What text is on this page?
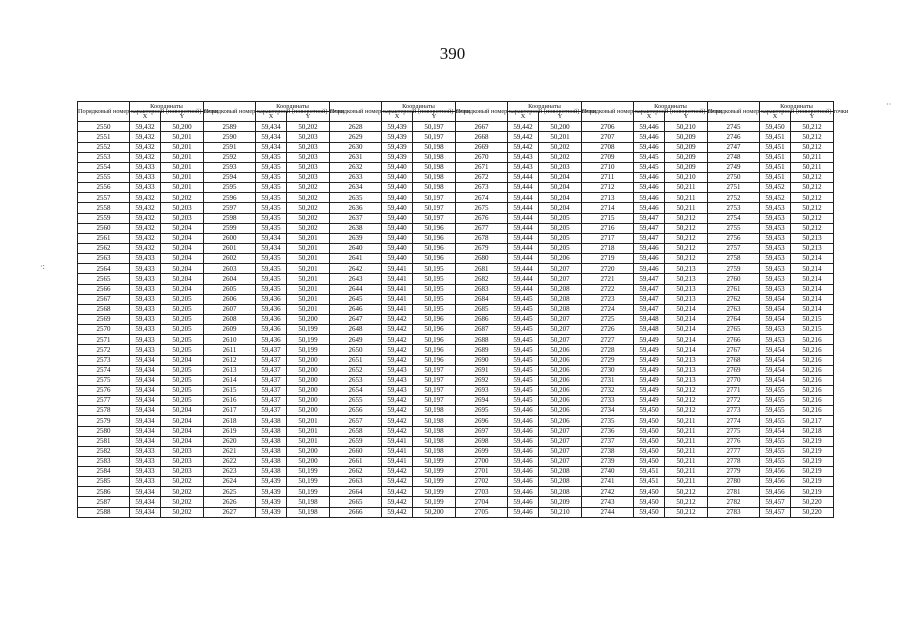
390
Порядковый номер характерной (поворотной) точки	Координаты		Порядковый номер характерной (поворотной) точки	Координаты		Порядковый номер характерной (поворотной) точки	Координаты		Порядковый номер характерной (поворотной) точки	Координаты		Порядковый номер характерной (поворотной) точки	Координаты		Порядковый номер характерной (поворотной) точки	Координаты	
	X	Y		X	Y		X	Y		X	Y		X	Y		X	Y
2550	59,432	50,200	2589	59,434	50,202	2628	59,439	50,197	2667	59,442	50,200	2706	59,446	50,210	2745	59,450	50,212
2551	59,432	50,201	2590	59,434	50,203	2629	59,439	50,197	2668	59,442	50,201	2707	59,446	50,209	2746	59,451	50,212
2552	59,432	50,201	2591	59,434	50,203	2630	59,439	50,198	2669	59,442	50,202	2708	59,446	50,209	2747	59,451	50,212
2553	59,432	50,201	2592	59,435	50,203	2631	59,439	50,198	2670	59,443	50,202	2709	59,445	50,209	2748	59,451	50,211
2554	59,433	50,201	2593	59,435	50,203	2632	59,440	50,198	2671	59,443	50,203	2710	59,445	50,209	2749	59,451	50,211
2555	59,433	50,201	2594	59,435	50,203	2633	59,440	50,198	2672	59,444	50,204	2711	59,446	50,210	2750	59,451	50,212
2556	59,433	50,201	2595	59,435	50,202	2634	59,440	50,198	2673	59,444	50,204	2712	59,446	50,211	2751	59,452	50,212
2557	59,432	50,202	2596	59,435	50,202	2635	59,440	50,197	2674	59,444	50,204	2713	59,446	50,211	2752	59,452	50,212
2558	59,432	50,203	2597	59,435	50,202	2636	59,440	50,197	2675	59,444	50,204	2714	59,446	50,211	2753	59,453	50,212
2559	59,432	50,203	2598	59,435	50,202	2637	59,440	50,197	2676	59,444	50,205	2715	59,447	50,212	2754	59,453	50,212
2560	59,432	50,204	2599	59,435	50,202	2638	59,440	50,196	2677	59,444	50,205	2716	59,447	50,212	2755	59,453	50,212
2561	59,432	50,204	2600	59,434	50,201	2639	59,440	50,196	2678	59,444	50,205	2717	59,447	50,212	2756	59,453	50,213
2562	59,432	50,204	2601	59,434	50,201	2640	59,440	50,196	2679	59,444	50,205	2718	59,446	50,212	2757	59,453	50,213
2563	59,433	50,204	2602	59,435	50,201	2641	59,440	50,196	2680	59,444	50,206	2719	59,446	50,212	2758	59,453	50,214
2564	59,433	50,204	2603	59,435	50,201	2642	59,441	50,195	2681	59,444	50,207	2720	59,446	50,213	2759	59,453	50,214
2565	59,433	50,204	2604	59,435	50,201	2643	59,441	50,195	2682	59,444	50,207	2721	59,447	50,213	2760	59,453	50,214
2566	59,433	50,204	2605	59,435	50,201	2644	59,441	50,195	2683	59,444	50,208	2722	59,447	50,213	2761	59,453	50,214
2567	59,433	50,205	2606	59,436	50,201	2645	59,441	50,195	2684	59,445	50,208	2723	59,447	50,213	2762	59,454	50,214
2568	59,433	50,205	2607	59,436	50,201	2646	59,441	50,195	2685	59,445	50,208	2724	59,447	50,214	2763	59,454	50,214
2569	59,433	50,205	2608	59,436	50,200	2647	59,442	50,196	2686	59,445	50,207	2725	59,448	50,214	2764	59,454	50,215
2570	59,433	50,205	2609	59,436	50,199	2648	59,442	50,196	2687	59,445	50,207	2726	59,448	50,214	2765	59,453	50,215
2571	59,433	50,205	2610	59,436	50,199	2649	59,442	50,196	2688	59,445	50,207	2727	59,449	50,214	2766	59,453	50,216
2572	59,433	50,205	2611	59,437	50,199	2650	59,442	50,196	2689	59,445	50,206	2728	59,449	50,214	2767	59,454	50,216
2573	59,434	50,204	2612	59,437	50,200	2651	59,442	50,196	2690	59,445	50,206	2729	59,449	50,213	2768	59,454	50,216
2574	59,434	50,205	2613	59,437	50,200	2652	59,443	50,197	2691	59,445	50,206	2730	59,449	50,213	2769	59,454	50,216
2575	59,434	50,205	2614	59,437	50,200	2653	59,443	50,197	2692	59,445	50,206	2731	59,449	50,213	2770	59,454	50,216
2576	59,434	50,205	2615	59,437	50,200	2654	59,443	50,197	2693	59,445	50,206	2732	59,449	50,212	2771	59,455	50,216
2577	59,434	50,205	2616	59,437	50,200	2655	59,442	50,197	2694	59,445	50,206	2733	59,449	50,212	2772	59,455	50,216
2578	59,434	50,204	2617	59,437	50,200	2656	59,442	50,198	2695	59,446	50,206	2734	59,450	50,212	2773	59,455	50,216
2579	59,434	50,204	2618	59,438	50,201	2657	59,442	50,198	2696	59,446	50,206	2735	59,450	50,211	2774	59,455	50,217
2580	59,434	50,204	2619	59,438	50,201	2658	59,442	50,198	2697	59,446	50,207	2736	59,450	50,211	2775	59,454	50,218
2581	59,434	50,204	2620	59,438	50,201	2659	59,441	50,198	2698	59,446	50,207	2737	59,450	50,211	2776	59,455	50,219
2582	59,433	50,203	2621	59,438	50,200	2660	59,441	50,198	2699	59,446	50,207	2738	59,450	50,211	2777	59,455	50,219
2583	59,433	50,203	2622	59,438	50,200	2661	59,441	50,199	2700	59,446	50,207	2739	59,450	50,211	2778	59,455	50,219
2584	59,433	50,203	2623	59,438	50,199	2662	59,442	50,199	2701	59,446	50,208	2740	59,451	50,211	2779	59,456	50,219
2585	59,433	50,202	2624	59,439	50,199	2663	59,442	50,199	2702	59,446	50,208	2741	59,451	50,211	2780	59,456	50,219
2586	59,434	50,202	2625	59,439	50,199	2664	59,442	50,199	2703	59,446	50,208	2742	59,450	50,212	2781	59,456	50,219
2587	59,434	50,202	2626	59,439	50,198	2665	59,442	50,199	2704	59,446	50,209	2743	59,450	50,212	2782	59,457	50,220
2588	59,434	50,202	2627	59,439	50,198	2666	59,442	50,200	2705	59,446	50,210	2744	59,450	50,212	2783	59,457	50,220
·:
··
